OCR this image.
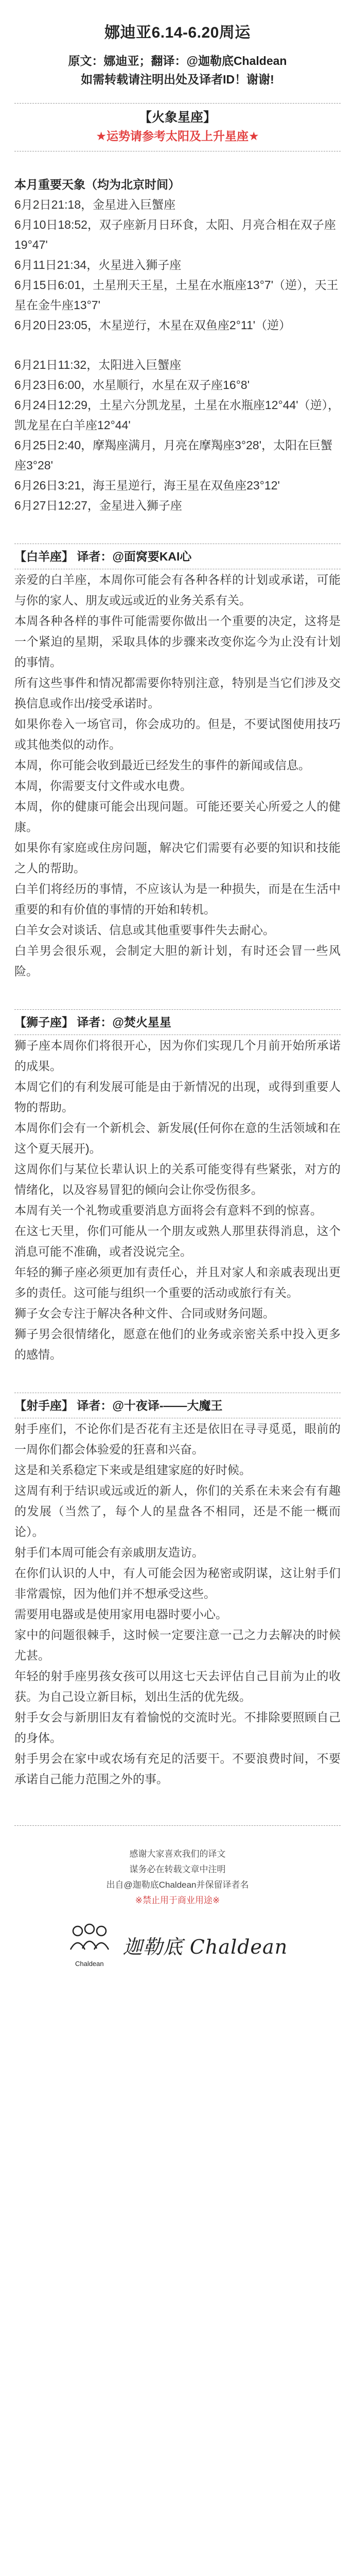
娜迪亚6.14-6.20周运

原文：娜迪亚；翻译：@迦勒底Chaldean

如需转载请注明出处及译者ID！谢谢!

【火象星座】
★运势请参考太阳及上升星座★
本月重要天象（均为北京时间）

6月2日21:18，金星进入巨蟹座

6月10日18:52，双子座新月日环食，太阳、月亮合相在双子座19°47'

6月11日21:34，火星进入狮子座

6月15日6:01，土星刑天王星，土星在水瓶座13°7'（逆），天王星在金牛座13°7'

6月20日23:05，木星逆行，木星在双鱼座2°11'（逆）

6月21日11:32，太阳进入巨蟹座

6月23日6:00，水星顺行，水星在双子座16°8'

6月24日12:29，土星六分凯龙星，土星在水瓶座12°44'（逆），凯龙星在白羊座12°44'

6月25日2:40，摩羯座满月，月亮在摩羯座3°28'，太阳在巨蟹座3°28'

6月26日3:21，海王星逆行，海王星在双鱼座23°12'

6月27日12:27，金星进入狮子座

【白羊座】 译者：@面窝要KAI心

亲爱的白羊座，本周你可能会有各种各样的计划或承诺，可能与你的家人、朋友或远或近的业务关系有关。

本周各种各样的事件可能需要你做出一个重要的决定，这将是一个紧迫的星期，采取具体的步骤来改变你迄今为止没有计划的事情。

所有这些事件和情况都需要你特别注意，特别是当它们涉及交换信息或作出/接受承诺时。

如果你卷入一场官司，你会成功的。但是，不要试图使用技巧或其他类似的动作。

本周，你可能会收到最近已经发生的事件的新闻或信息。

本周，你需要支付文件或水电费。

本周，你的健康可能会出现问题。可能还要关心所爱之人的健康。

如果你有家庭或住房问题，解决它们需要有必要的知识和技能之人的帮助。

白羊们将经历的事情，不应该认为是一种损失，而是在生活中重要的和有价值的事情的开始和转机。

白羊女会对谈话、信息或其他重要事件失去耐心。

白羊男会很乐观，会制定大胆的新计划，有时还会冒一些风险。

【狮子座】 译者：@焚火星星

狮子座本周你们将很开心，因为你们实现几个月前开始所承诺的成果。

本周它们的有利发展可能是由于新情况的出现，或得到重要人物的帮助。

本周你们会有一个新机会、新发展(任何你在意的生活领域和在这个夏天展开)。

这周你们与某位长辈认识上的关系可能变得有些紧张，对方的情绪化，以及容易冒犯的倾向会让你受伤很多。

本周有关一个礼物或重要消息方面将会有意料不到的惊喜。

在这七天里，你们可能从一个朋友或熟人那里获得消息，这个消息可能不准确，或者没说完全。

年轻的狮子座必须更加有责任心，并且对家人和亲戚表现出更多的责任。这可能与组织一个重要的活动或旅行有关。

狮子女会专注于解决各种文件、合同或财务问题。

狮子男会很情绪化，愿意在他们的业务或亲密关系中投入更多的感情。

【射手座】 译者：@十夜译-——大魔王

射手座们，不论你们是否花有主还是依旧在寻寻觅觅，眼前的一周你们都会体验爱的狂喜和兴奋。

这是和关系稳定下来或是组建家庭的好时候。

这周有利于结识或远或近的新人，你们的关系在未来会有有趣的发展（当然了，每个人的星盘各不相同，还是不能一概而论）。

射手们本周可能会有亲戚朋友造访。

在你们认识的人中，有人可能会因为秘密或阴谋，这让射手们非常震惊，因为他们并不想承受这些。

需要用电器或是使用家用电器时要小心。

家中的问题很棘手，这时候一定要注意一己之力去解决的时候尤甚。

年轻的射手座男孩女孩可以用这七天去评估自己目前为止的收获。为自己设立新目标，划出生活的优先级。

射手女会与新朋旧友有着愉悦的交流时光。不排除要照顾自己的身体。

射手男会在家中或农场有充足的活要干。不要浪费时间，不要承诺自己能力范围之外的事。

感谢大家喜欢我们的译文

谋务必在转载文章中注明

出自@迦勒底Chaldean并保留译者名

※禁止用于商业用途※

Chaldean
迦勒底 Chaldean
